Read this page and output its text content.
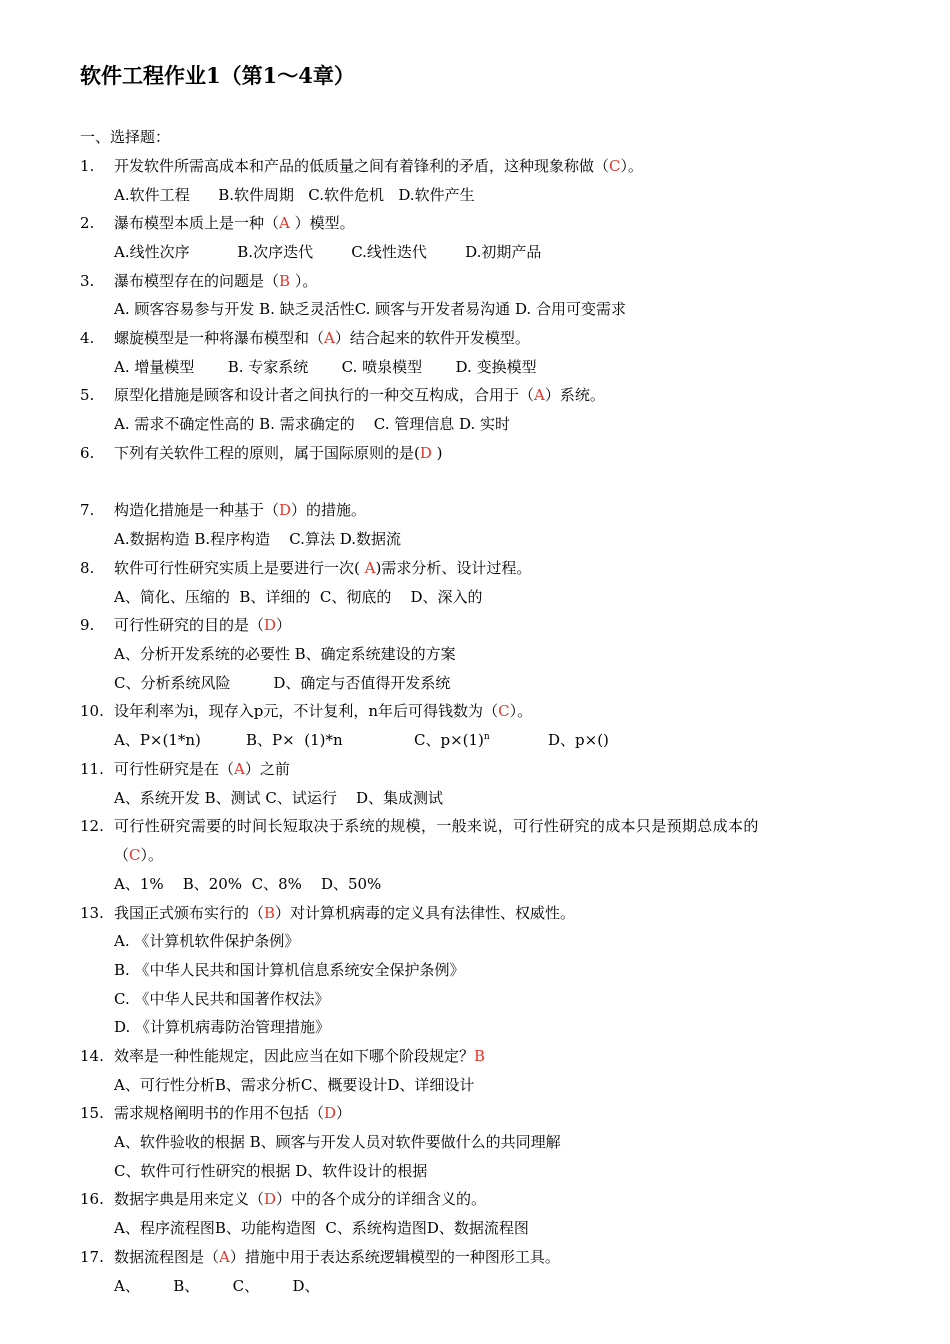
软件工程作业1（第1～4章）
一、选择题：
1. 开发软件所需高成本和产品的低质量之间有着锋利的矛盾，这种现象称做（C）。
A.软件工程      B.软件周期   C.软件危机   D.软件产生
2. 瀑布模型本质上是一种（A ）模型。
A.线性次序          B.次序迭代        C.线性迭代        D.初期产品
3. 瀑布模型存在的问题是（B ）。
A. 顾客容易参与开发 B. 缺乏灵活性C. 顾客与开发者易沟通 D. 合用可变需求
4. 螺旋模型是一种将瀑布模型和（A）结合起来的软件开发模型。
A. 增量模型       B. 专家系统       C. 喷泉模型       D. 变换模型
5. 原型化措施是顾客和设计者之间执行的一种交互构成，合用于（A）系统。
A. 需求不确定性高的 B. 需求确定的    C. 管理信息 D. 实时
6. 下列有关软件工程的原则，属于国际原则的是(D )
7. 构造化措施是一种基于（D）的措施。
A.数据构造 B.程序构造    C.算法 D.数据流
8. 软件可行性研究实质上是要进行一次( A)需求分析、设计过程。
A、简化、压缩的  B、详细的  C、彻底的    D、深入的
9. 可行性研究的目的是（D）
A、分析开发系统的必要性 B、确定系统建设的方案
C、分析系统风险         D、确定与否值得开发系统
10. 设年利率为i，现存入p元，不计复利，n年后可得钱数为（C）。
A、P×(1*n)	B、P×  (1)*n	C、$p\times(1)^n$	D、p×()
11. 可行性研究是在（A）之前
A、系统开发 B、测试 C、试运行    D、集成测试
12. 可行性研究需要的时间长短取决于系统的规模，一般来说，可行性研究的成本只是预期总成本的
（C）。
A、1%    B、20%  C、8%    D、50%
13. 我国正式颁布实行的（B）对计算机病毒的定义具有法律性、权威性。
A. 《计算机软件保护条例》
B. 《中华人民共和国计算机信息系统安全保护条例》
C. 《中华人民共和国著作权法》
D. 《计算机病毒防治管理措施》
14. 效率是一种性能规定，因此应当在如下哪个阶段规定？B
A、可行性分析B、需求分析C、概要设计D、详细设计
15. 需求规格阐明书的作用不包括（D）
A、软件验收的根据 B、顾客与开发人员对软件要做什么的共同理解
C、软件可行性研究的根据 D、软件设计的根据
16. 数据字典是用来定义（D）中的各个成分的详细含义的。
A、程序流程图B、功能构造图  C、系统构造图D、数据流程图
17. 数据流程图是（A）措施中用于表达系统逻辑模型的一种图形工具。
A、       B、       C、       D、
